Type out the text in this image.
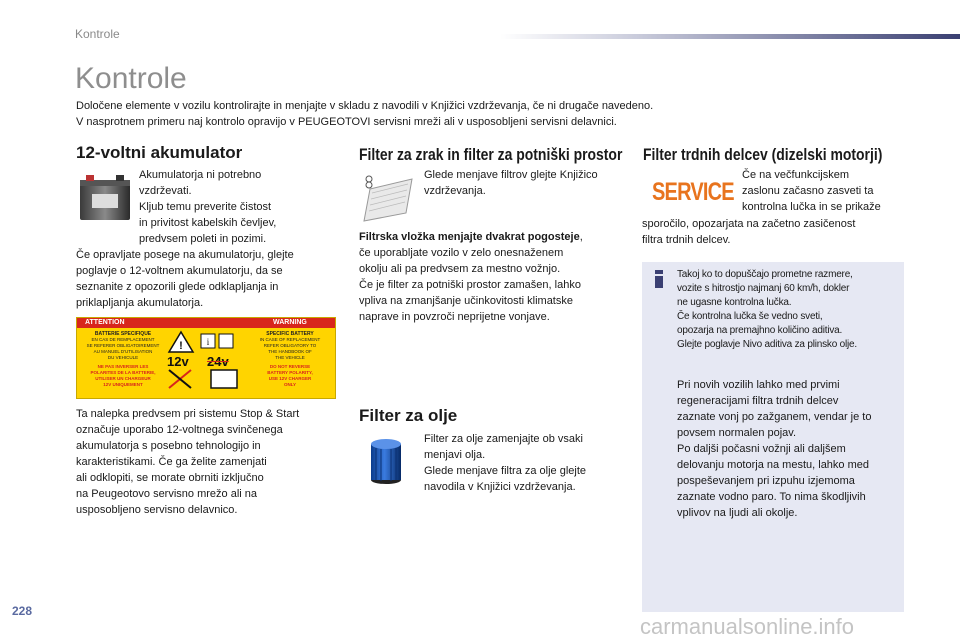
Kontrole
Kontrole
Določene elemente v vozilu kontrolirajte in menjajte v skladu z navodili v Knjižici vzdrževanja, če ni drugače navedeno.
V nasprotnem primeru naj kontrolo opravijo v PEUGEOTOVI servisni mreži ali v usposobljeni servisni delavnici.
12-voltni akumulator
Akumulatorja ni potrebno
vzdrževati.
Kljub temu preverite čistost
in privitost kabelskih čevljev,
predvsem poleti in pozimi.
Če opravljate posege na akumulatorju, glejte
poglavje o 12-voltnem akumulatorju, da se
seznanite z opozorili glede odklapljanja in
priklapljanja akumulatorja.
ATTENTION	WARNING
BATTERIE SPECIFIQUE
EN CAS DE REMPLACEMENT
SE REFERER OBLIGATOIREMENT
AU MANUEL D'UTILISATION
DU VEHICULE
SPECIFIC BATTERY
IN CASE OF REPLACEMENT
REFER OBLIGATORY TO
THE HANDBOOK OF
THE VEHICLE
NE PAS INVERSER LES
POLARITES DE LA BATTERIE,
UTILISER UN CHARGEUR
12V UNIQUEMENT
DO NOT REVERSE
BATTERY POLARITY,
USE 12V CHARGER
ONLY
!	i
12v 24v
Ta nalepka predvsem pri sistemu Stop & Start
označuje uporabo 12-voltnega svinčenega
akumulatorja s posebno tehnologijo in
karakteristikami. Če ga želite zamenjati
ali odklopiti, se morate obrniti izključno
na Peugeotovo servisno mrežo ali na
usposobljeno servisno delavnico.
Filter za zrak in filter za potniški prostor
Glede menjave filtrov glejte Knjižico
vzdrževanja.
Filtrska vložka menjajte dvakrat pogosteje,
če uporabljate vozilo v zelo onesnaženem
okolju ali pa predvsem za mestno vožnjo.
Če je filter za potniški prostor zamašen, lahko
vpliva na zmanjšanje učinkovitosti klimatske
naprave in povzroči neprijetne vonjave.
Filter za olje
Filter za olje zamenjajte ob vsaki
menjavi olja.
Glede menjave filtra za olje glejte
navodila v Knjižici vzdrževanja.
Filter trdnih delcev (dizelski motorji)
SERVICE
Če na večfunkcijskem
zaslonu začasno zasveti ta
kontrolna lučka in se prikaže
sporočilo, opozarjata na začetno zasičenost
filtra trdnih delcev.
Takoj ko to dopuščajo prometne razmere,
vozite s hitrostjo najmanj 60 km/h, dokler
ne ugasne kontrolna lučka.
Če kontrolna lučka še vedno sveti,
opozarja na premajhno količino aditiva.
Glejte poglavje Nivo aditiva za plinsko olje.
Pri novih vozilih lahko med prvimi
regeneracijami filtra trdnih delcev
zaznate vonj po zažganem, vendar je to
povsem normalen pojav.
Po daljši počasni vožnji ali daljšem
delovanju motorja na mestu, lahko med
pospeševanjem pri izpuhu izjemoma
zaznate vodno paro. To nima škodljivih
vplivov na ljudi ali okolje.
228
carmanualsonline.info
